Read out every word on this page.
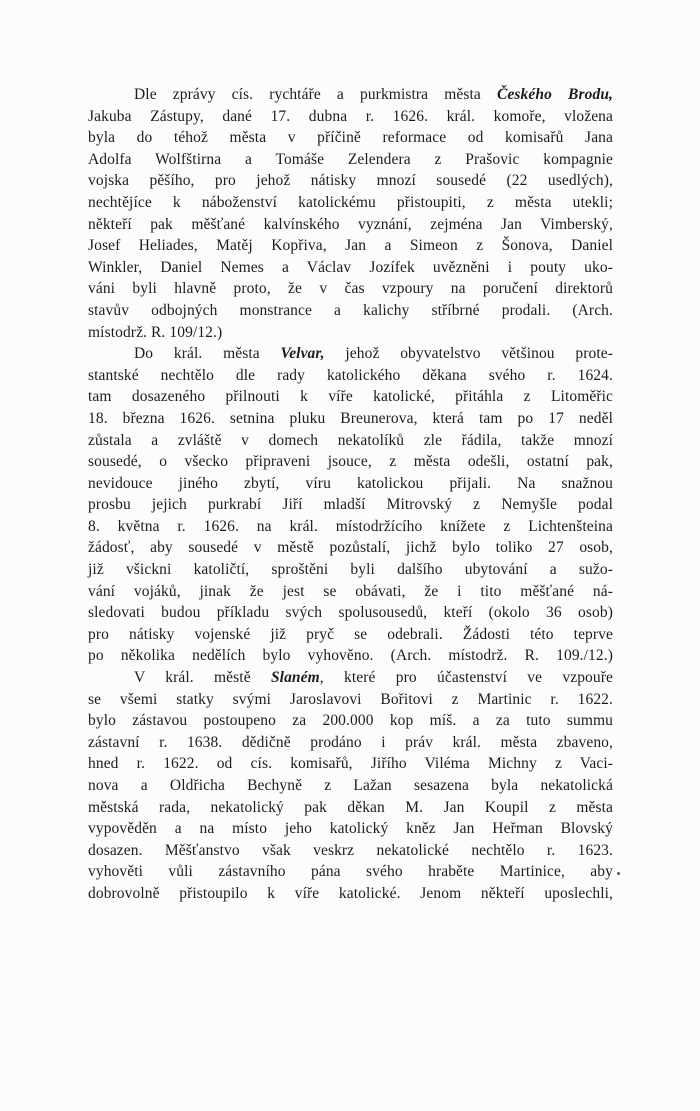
Dle zprávy cís. rychtáře a purkmistra města Českého Brodu,
Jakuba Zástupy, dané 17. dubna r. 1626. král. komoře, vložena
byla do téhož města v příčině reformace od komisařů Jana
Adolfa Wolfštirna a Tomáše Zelendera z Prašovic kompagnie
vojska pěšího, pro jehož nátisky mnozí sousedé (22 usedlých),
nechtějíce k náboženství katolickému přistoupiti, z města utekli;
někteří pak měšťané kalvínského vyznání, zejména Jan Vimberský,
Josef Heliades, Matěj Kopřiva, Jan a Simeon z Šonova, Daniel
Winkler, Daniel Nemes a Václav Jozífek uvězněni i pouty uko-
váni byli hlavně proto, že v čas vzpoury na poručení direktorů
stavův odbojných monstrance a kalichy stříbrné prodali. (Arch.
místodrž. R. 109/12.)
Do král. města Velvar, jehož obyvatelstvo většinou prote-
stantské nechtělo dle rady katolického děkana svého r. 1624.
tam dosazeného přilnouti k víře katolické, přitáhla z Litoměřic
18. března 1626. setnina pluku Breunerova, která tam po 17 neděl
zůstala a zvláště v domech nekatolíků zle řádila, takže mnozí
sousedé, o všecko připraveni jsouce, z města odešli, ostatní pak,
nevidouce jiného zbytí, víru katolickou přijali. Na snažnou
prosbu jejich purkrabí Jiří mladší Mitrovský z Nemyšle podal
8. května r. 1626. na král. místodržícího knížete z Lichtenšteina
žádosť, aby sousedé v městě pozůstalí, jichž bylo toliko 27 osob,
již všickni katoličtí, sproštěni byli dalšího ubytování a sužo-
vání vojáků, jinak že jest se obávati, že i tito měšťané ná-
sledovati budou příkladu svých spolusousedů, kteří (okolo 36 osob)
pro nátisky vojenské již pryč se odebrali. Žádosti této teprve
po několika nedělích bylo vyhověno. (Arch. místodrž. R. 109./12.)
V král. městě Slaném, které pro účastenství ve vzpouře
se všemi statky svými Jaroslavovi Bořitovi z Martinic r. 1622.
bylo zástavou postoupeno za 200.000 kop míš. a za tuto summu
zástavní r. 1638. dědičně prodáno i práv král. města zbaveno,
hned r. 1622. od cís. komisařů, Jiřího Viléma Michny z Vaci-
nova a Oldřicha Bechyně z Lažan sesazena byla nekatolická
městská rada, nekatolický pak děkan M. Jan Koupil z města
vypověděn a na místo jeho katolický kněz Jan Heřman Blovský
dosazen. Měšťanstvo však veskrz nekatolické nechtělo r. 1623.
vyhověti vůli zástavního pána svého hraběte Martinice, aby
dobrovolně přistoupilo k víře katolické. Jenom někteří uposlechli,
